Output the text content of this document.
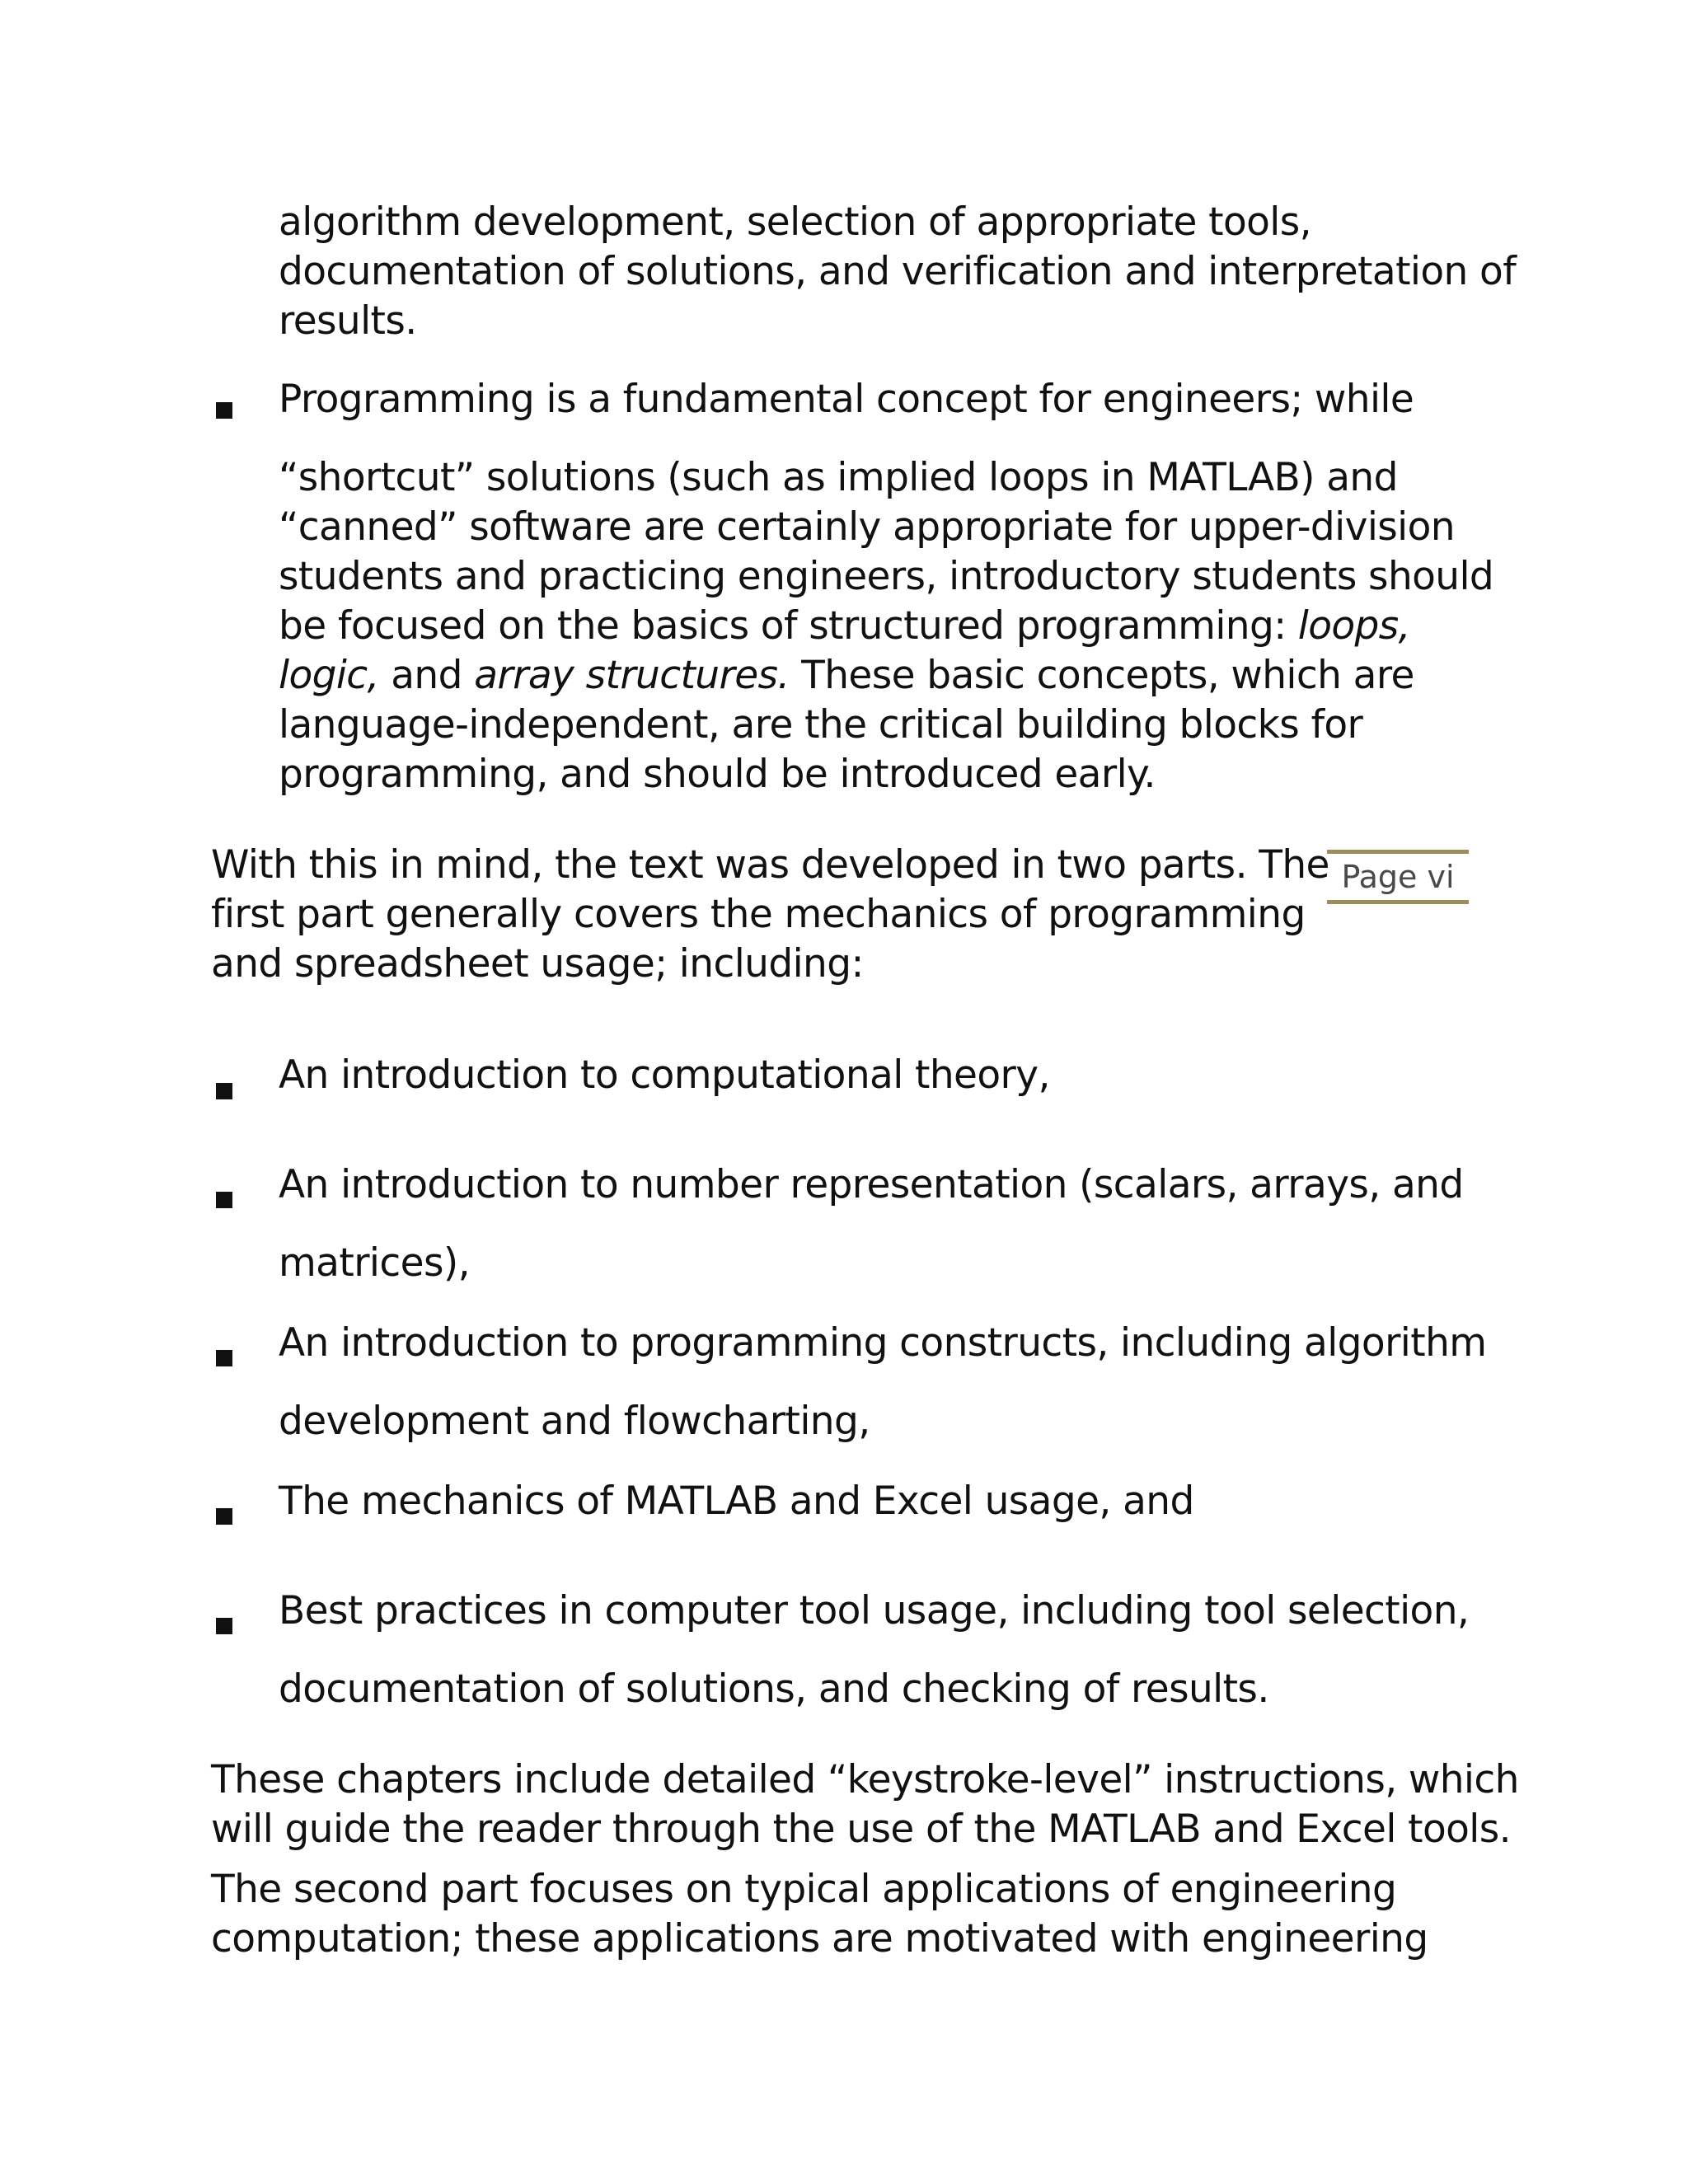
algorithm development, selection of appropriate tools,
documentation of solutions, and verification and interpretation of
results.
Programming is a fundamental concept for engineers; while
“shortcut” solutions (such as implied loops in MATLAB) and
“canned” software are certainly appropriate for upper-division
students and practicing engineers, introductory students should
be focused on the basics of structured programming: loops,
logic, and array structures. These basic concepts, which are
language-independent, are the critical building blocks for
programming, and should be introduced early.
With this in mind, the text was developed in two parts. The
first part generally covers the mechanics of programming
and spreadsheet usage; including:
Page vi
An introduction to computational theory,
An introduction to number representation (scalars, arrays, and
matrices),
An introduction to programming constructs, including algorithm
development and flowcharting,
The mechanics of MATLAB and Excel usage, and
Best practices in computer tool usage, including tool selection,
documentation of solutions, and checking of results.
These chapters include detailed “keystroke-level” instructions, which
will guide the reader through the use of the MATLAB and Excel tools.
The second part focuses on typical applications of engineering
computation; these applications are motivated with engineering
